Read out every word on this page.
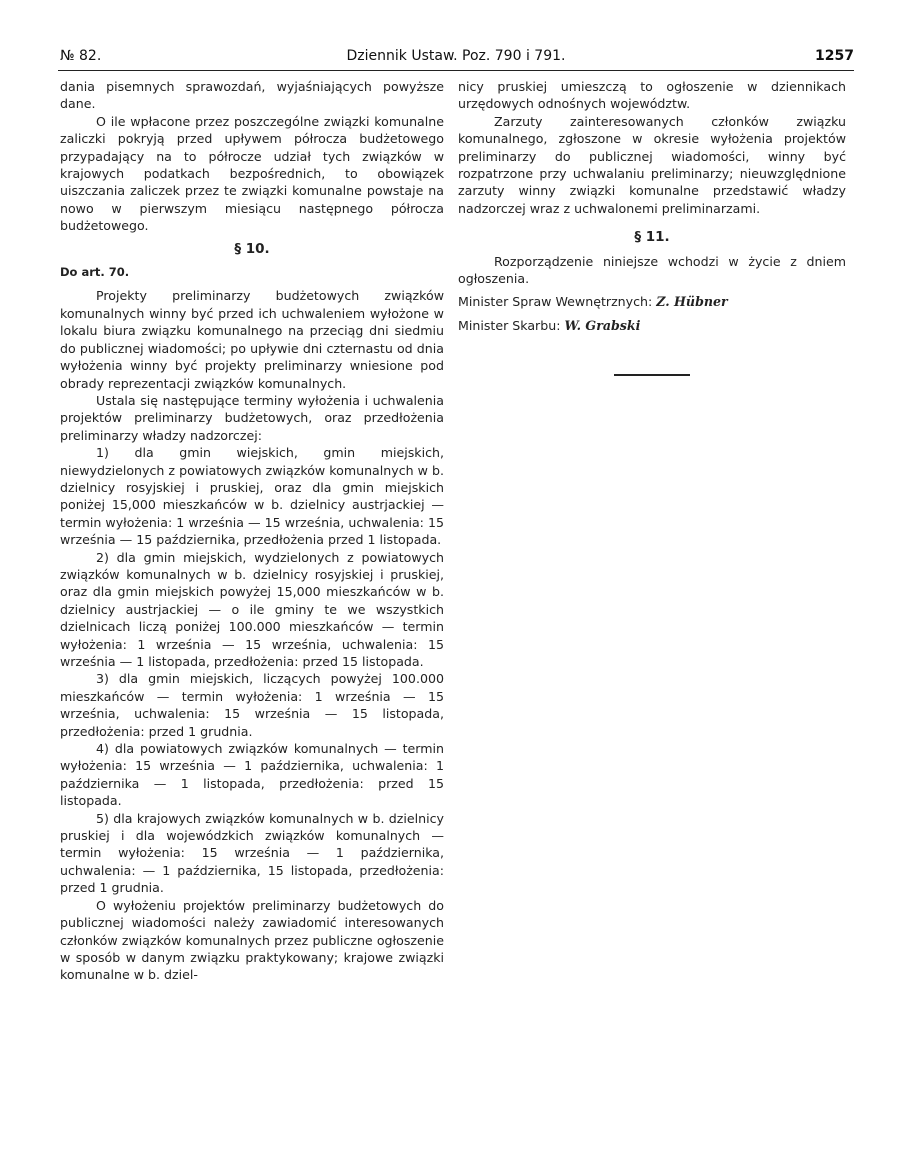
№ 82.	Dziennik Ustaw. Poz. 790 i 791.	1257

dania pisemnych sprawozdań, wyjaśniających powyższe dane.

O ile wpłacone przez poszczególne związki komunalne zaliczki pokryją przed upływem półrocza budżetowego przypadający na to półrocze udział tych związków w krajowych podatkach bezpośrednich, to obowiązek uiszczania zaliczek przez te związki komunalne powstaje na nowo w pierwszym miesiącu następnego półrocza budżetowego.

§ 10.
Do art. 70.

Projekty preliminarzy budżetowych związków komunalnych winny być przed ich uchwaleniem wyłożone w lokalu biura związku komunalnego na przeciąg dni siedmiu do publicznej wiadomości; po upływie dni czternastu od dnia wyłożenia winny być projekty preliminarzy wniesione pod obrady reprezentacji związków komunalnych.

Ustala się następujące terminy wyłożenia i uchwalenia projektów preliminarzy budżetowych, oraz przedłożenia preliminarzy władzy nadzorczej:

1) dla gmin wiejskich, gmin miejskich, niewydzielonych z powiatowych związków komunalnych w b. dzielnicy rosyjskiej i pruskiej, oraz dla gmin miejskich poniżej 15,000 mieszkańców w b. dzielnicy austrjackiej — termin wyłożenia: 1 września — 15 września, uchwalenia: 15 września — 15 października, przedłożenia przed 1 listopada.

2) dla gmin miejskich, wydzielonych z powiatowych związków komunalnych w b. dzielnicy rosyjskiej i pruskiej, oraz dla gmin miejskich powyżej 15,000 mieszkańców w b. dzielnicy austrjackiej — o ile gminy te we wszystkich dzielnicach liczą poniżej 100.000 mieszkańców — termin wyłożenia: 1 września — 15 września, uchwalenia: 15 września — 1 listopada, przedłożenia: przed 15 listopada.

3) dla gmin miejskich, liczących powyżej 100.000 mieszkańców — termin wyłożenia: 1 września — 15 września, uchwalenia: 15 września — 15 listopada, przedłożenia: przed 1 grudnia.

4) dla powiatowych związków komunalnych — termin wyłożenia: 15 września — 1 października, uchwalenia: 1 października — 1 listopada, przedłożenia: przed 15 listopada.

5) dla krajowych związków komunalnych w b. dzielnicy pruskiej i dla wojewódzkich związków komunalnych — termin wyłożenia: 15 września — 1 października, uchwalenia: — 1 października, 15 listopada, przedłożenia: przed 1 grudnia.

O wyłożeniu projektów preliminarzy budżetowych do publicznej wiadomości należy zawiadomić interesowanych członków związków komunalnych przez publiczne ogłoszenie w sposób w danym związku praktykowany; krajowe związki komunalne w b. dziel-

nicy pruskiej umieszczą to ogłoszenie w dziennikach urzędowych odnośnych województw.

Zarzuty zainteresowanych członków związku komunalnego, zgłoszone w okresie wyłożenia projektów preliminarzy do publicznej wiadomości, winny być rozpatrzone przy uchwalaniu preliminarzy; nieuwzględnione zarzuty winny związki komunalne przedstawić władzy nadzorczej wraz z uchwalonemi preliminarzami.

§ 11.

Rozporządzenie niniejsze wchodzi w życie z dniem ogłoszenia.

Minister Spraw Wewnętrznych: Z. Hübner
Minister Skarbu: W. Grabski
